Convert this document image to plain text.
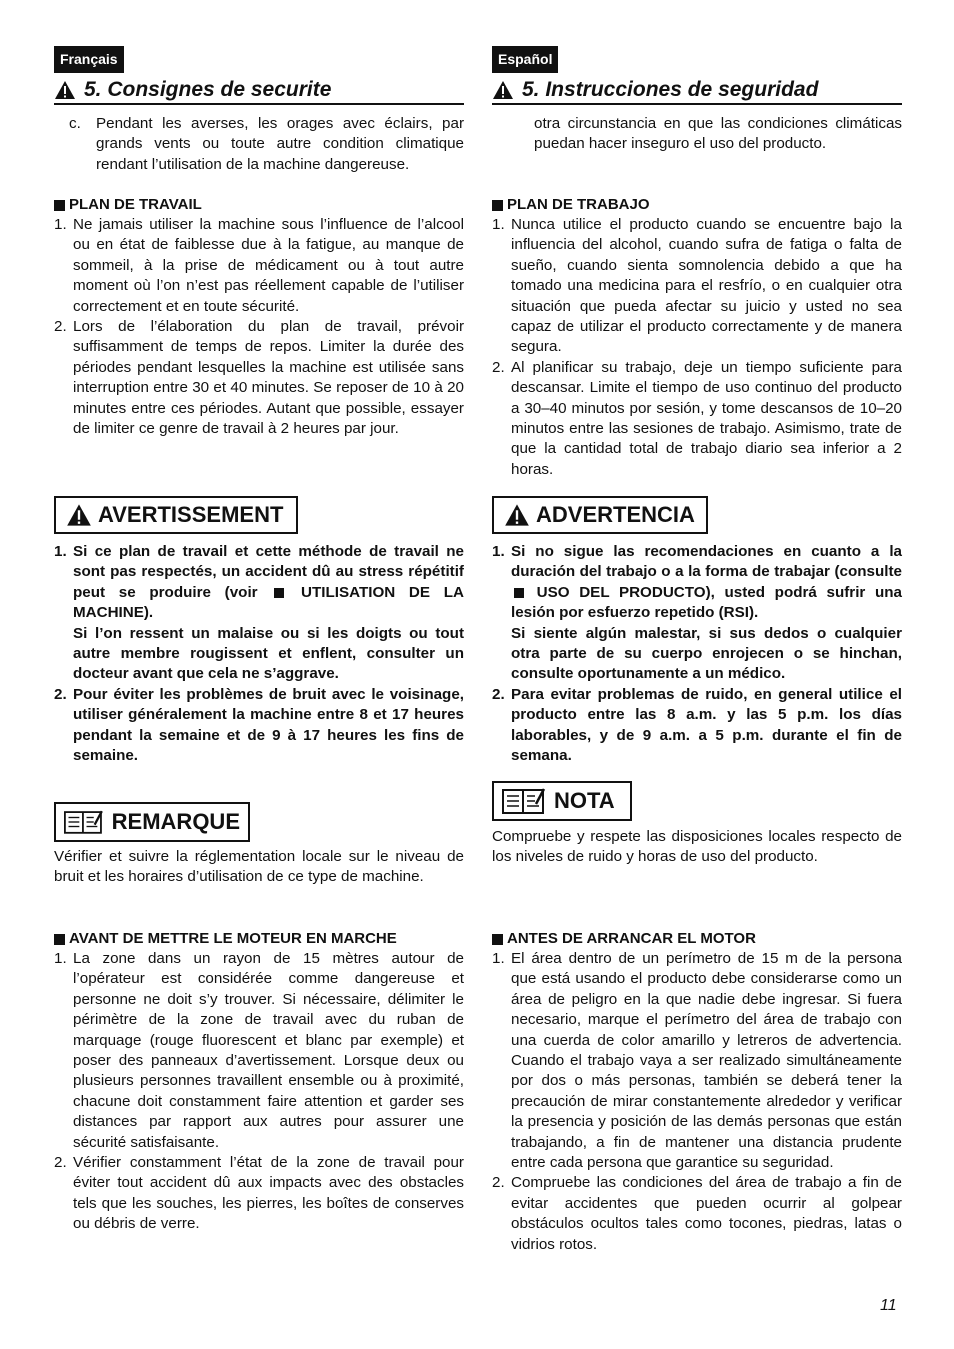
Français
5. Consignes de securite
c. Pendant les averses, les orages avec éclairs, par grands vents ou toute autre condition climatique rendant l’utilisation de la machine dangereuse.
PLAN DE TRAVAIL
1. Ne jamais utiliser la machine sous l’influence de l’alcool ou en état de faiblesse due à la fatigue, au manque de sommeil, à la prise de médicament ou à tout autre moment où l’on n’est pas réellement capable de l’utiliser correctement et en toute sécurité.
2. Lors de l’élaboration du plan de travail, prévoir suffisamment de temps de repos. Limiter la durée des périodes pendant lesquelles la machine est utilisée sans interruption entre 30 et 40 minutes. Se reposer de 10 à 20 minutes entre ces périodes. Autant que possible, essayer de limiter ce genre de travail à 2 heures par jour.
AVERTISSEMENT
1. Si ce plan de travail et cette méthode de travail ne sont pas respectés, un accident dû au stress répétitif peut se produire (voir	UTILISATION DE LA MACHINE).
Si l’on ressent un malaise ou si les doigts ou tout autre membre rougissent et enflent, consulter un docteur avant que cela ne s’aggrave.
2. Pour éviter les problèmes de bruit avec le voisinage, utiliser généralement la machine entre 8 et 17 heures pendant la semaine et de 9 à 17 heures les fins de semaine.
REMARQUE
Vérifier et suivre la réglementation locale sur le niveau de bruit et les horaires d’utilisation de ce type de machine.
AVANT DE METTRE LE MOTEUR EN MARCHE
1. La zone dans un rayon de 15 mètres autour de l’opérateur est considérée comme dangereuse et personne ne doit s’y trouver. Si nécessaire, délimiter le périmètre de la zone de travail avec du ruban de marquage (rouge fluorescent et blanc par exemple) et poser des panneaux d’avertissement. Lorsque deux ou plusieurs personnes travaillent ensemble ou à proximité, chacune doit constamment faire attention et garder ses distances par rapport aux autres pour assurer une sécurité satisfaisante.
2. Vérifier constamment l’état de la zone de travail pour éviter tout accident dû aux impacts avec des obstacles tels que les souches, les pierres, les boîtes de conserves ou débris de verre.
Español
5. Instrucciones de seguridad
otra circunstancia en que las condiciones climáticas puedan hacer inseguro el uso del producto.
PLAN DE TRABAJO
1. Nunca utilice el producto cuando se encuentre bajo la influencia del alcohol, cuando sufra de fatiga o falta de sueño, cuando sienta somnolencia debido a que ha tomado una medicina para el resfrío, o en cualquier otra situación que pueda afectar su juicio y usted no sea capaz de utilizar el producto correctamente y de manera segura.
2. Al planificar su trabajo, deje un tiempo suficiente para descansar. Limite el tiempo de uso continuo del producto a 30–40 minutos por sesión, y tome descansos de 10–20 minutos entre las sesiones de trabajo. Asimismo, trate de que la cantidad total de trabajo diario sea inferior a 2 horas.
ADVERTENCIA
1. Si no sigue las recomendaciones en cuanto a la duración del trabajo o a la forma de trabajar (consulte  USO DEL PRODUCTO), usted podrá sufrir una lesión por esfuerzo repetido (RSI).
Si siente algún malestar, si sus dedos o cualquier otra parte de su cuerpo enrojecen o se hinchan, consulte oportunamente a un médico.
2. Para evitar problemas de ruido, en general utilice el producto entre las 8 a.m. y las 5 p.m. los días laborables, y de 9 a.m. a 5 p.m. durante el fin de semana.
NOTA
Compruebe y respete las disposiciones locales respecto de los niveles de ruido y horas de uso del producto.
ANTES DE ARRANCAR EL MOTOR
1. El área dentro de un perímetro de 15 m de la persona que está usando el producto debe considerarse como un área de peligro en la que nadie debe ingresar. Si fuera necesario, marque el perímetro del área de trabajo con una cuerda de color amarillo y letreros de advertencia. Cuando el trabajo vaya a ser realizado simultáneamente por dos o más personas, también se deberá tener la precaución de mirar constantemente alrededor y verificar la presencia y posición de las demás personas que están trabajando, a fin de mantener una distancia prudente entre cada persona que garantice su seguridad.
2. Compruebe las condiciones del área de trabajo a fin de evitar accidentes que pueden ocurrir al golpear obstáculos ocultos tales como tocones, piedras, latas o vidrios rotos.
11
